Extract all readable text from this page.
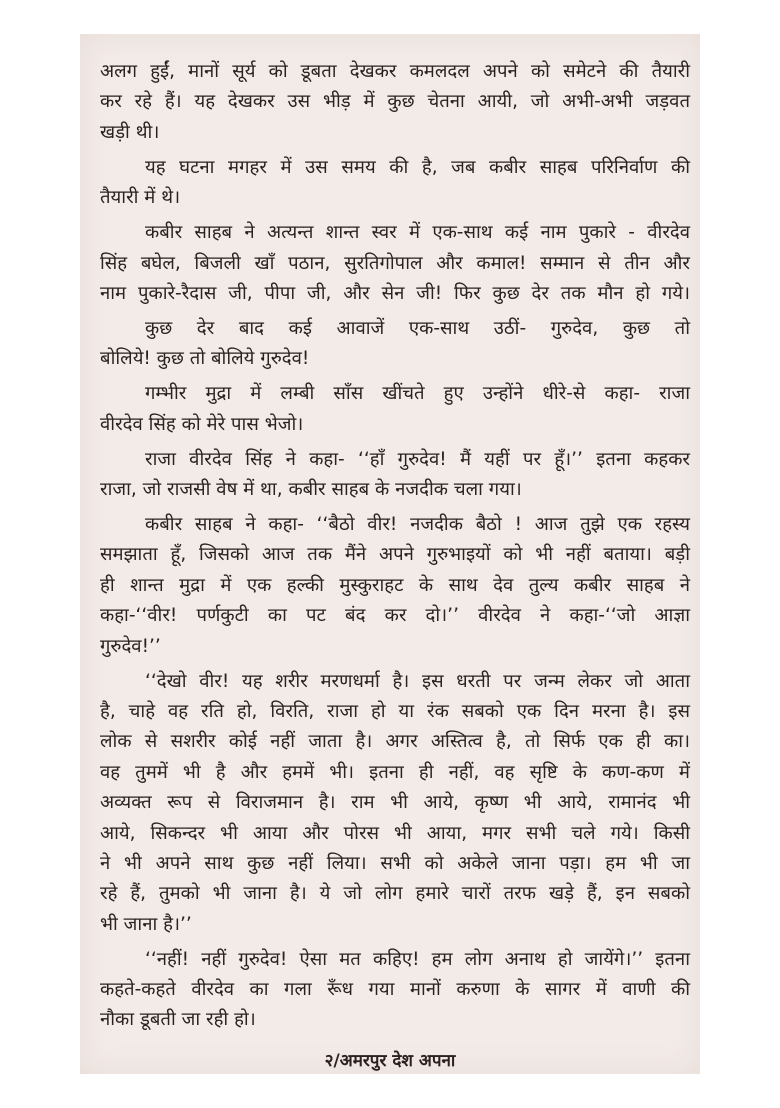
अलग हुईं, मानों सूर्य को डूबता देखकर कमलदल अपने को समेटने की तैयारी
कर रहे हैं। यह देखकर उस भीड़ में कुछ चेतना आयी, जो अभी-अभी जड़वत
खड़ी थी।
यह घटना मगहर में उस समय की है, जब कबीर साहब परिनिर्वाण की
तैयारी में थे।
कबीर साहब ने अत्यन्त शान्त स्वर में एक-साथ कई नाम पुकारे - वीरदेव
सिंह बघेल, बिजली खाँ पठान, सुरतिगोपाल और कमाल! सम्मान से तीन और
नाम पुकारे-रैदास जी, पीपा जी, और सेन जी! फिर कुछ देर तक मौन हो गये।
कुछ देर बाद कई आवाजें एक-साथ उठीं- गुरुदेव, कुछ तो
बोलिये! कुछ तो बोलिये गुरुदेव!
गम्भीर मुद्रा में लम्बी साँस खींचते हुए उन्होंने धीरे-से कहा- राजा
वीरदेव सिंह को मेरे पास भेजो।
राजा वीरदेव सिंह ने कहा- ‘‘हाँ गुरुदेव! मैं यहीं पर हूँ।’’ इतना कहकर
राजा, जो राजसी वेष में था, कबीर साहब के नजदीक चला गया।
कबीर साहब ने कहा- ‘‘बैठो वीर! नजदीक बैठो ! आज तुझे एक रहस्य
समझाता हूँ, जिसको आज तक मैंने अपने गुरुभाइयों को भी नहीं बताया। बड़ी
ही शान्त मुद्रा में एक हल्की मुस्कुराहट के साथ देव तुल्य कबीर साहब ने
कहा-‘‘वीर! पर्णकुटी का पट बंद कर दो।’’ वीरदेव ने कहा-‘‘जो आज्ञा
गुरुदेव!’’
‘‘देखो वीर! यह शरीर मरणधर्मा है। इस धरती पर जन्म लेकर जो आता
है, चाहे वह रति हो, विरति, राजा हो या रंक सबको एक दिन मरना है। इस
लोक से सशरीर कोई नहीं जाता है। अगर अस्तित्व है, तो सिर्फ एक ही का।
वह तुममें भी है और हममें भी। इतना ही नहीं, वह सृष्टि के कण-कण में
अव्यक्त रूप से विराजमान है। राम भी आये, कृष्ण भी आये, रामानंद भी
आये, सिकन्दर भी आया और पोरस भी आया, मगर सभी चले गये। किसी
ने भी अपने साथ कुछ नहीं लिया। सभी को अकेले जाना पड़ा। हम भी जा
रहे हैं, तुमको भी जाना है। ये जो लोग हमारे चारों तरफ खड़े हैं, इन सबको
भी जाना है।’’
‘‘नहीं! नहीं गुरुदेव! ऐसा मत कहिए! हम लोग अनाथ हो जायेंगे।’’ इतना
कहते-कहते वीरदेव का गला रूँध गया मानों करुणा के सागर में वाणी की
नौका डूबती जा रही हो।
२/अमरपुर देश अपना
